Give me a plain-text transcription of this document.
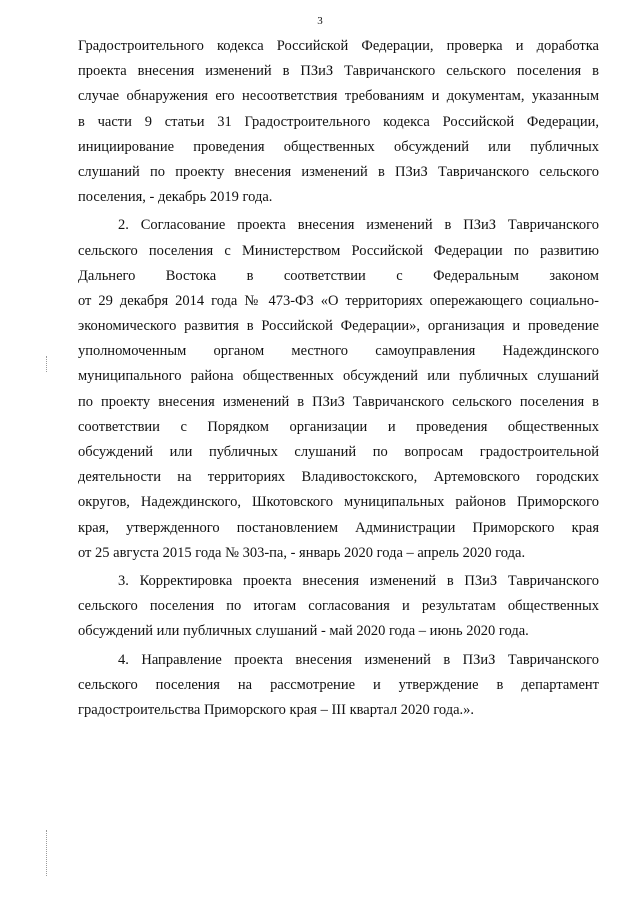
3
Градостроительного кодекса Российской Федерации, проверка и доработка
проекта внесения изменений в ПЗиЗ Тавричанского сельского поселения в
случае обнаружения его несоответствия требованиям и документам, указанным
в части 9 статьи 31 Градостроительного кодекса Российской Федерации,
инициирование проведения общественных обсуждений или публичных
слушаний по проекту внесения изменений в ПЗиЗ Тавричанского сельского
поселения, - декабрь 2019 года.
2. Согласование проекта внесения изменений в ПЗиЗ Тавричанского
сельского поселения с Министерством Российской Федерации по развитию
Дальнего Востока в соответствии с Федеральным законом
от 29 декабря 2014 года № 473-ФЗ «О территориях опережающего социально-
экономического развития в Российской Федерации», организация и проведение
уполномоченным органом местного самоуправления Надеждинского
муниципального района общественных обсуждений или публичных слушаний
по проекту внесения изменений в ПЗиЗ Тавричанского сельского поселения в
соответствии с Порядком организации и проведения общественных
обсуждений или публичных слушаний по вопросам градостроительной
деятельности на территориях Владивостокского, Артемовского городских
округов, Надеждинского, Шкотовского муниципальных районов Приморского
края, утвержденного постановлением Администрации Приморского края
от 25 августа 2015 года № 303-па, - январь 2020 года – апрель 2020 года.
3. Корректировка проекта внесения изменений в ПЗиЗ Тавричанского
сельского поселения по итогам согласования и результатам общественных
обсуждений или публичных слушаний - май 2020 года – июнь 2020 года.
4. Направление проекта внесения изменений в ПЗиЗ Тавричанского
сельского поселения на рассмотрение и утверждение в департамент
градостроительства Приморского края – III квартал 2020 года.».
